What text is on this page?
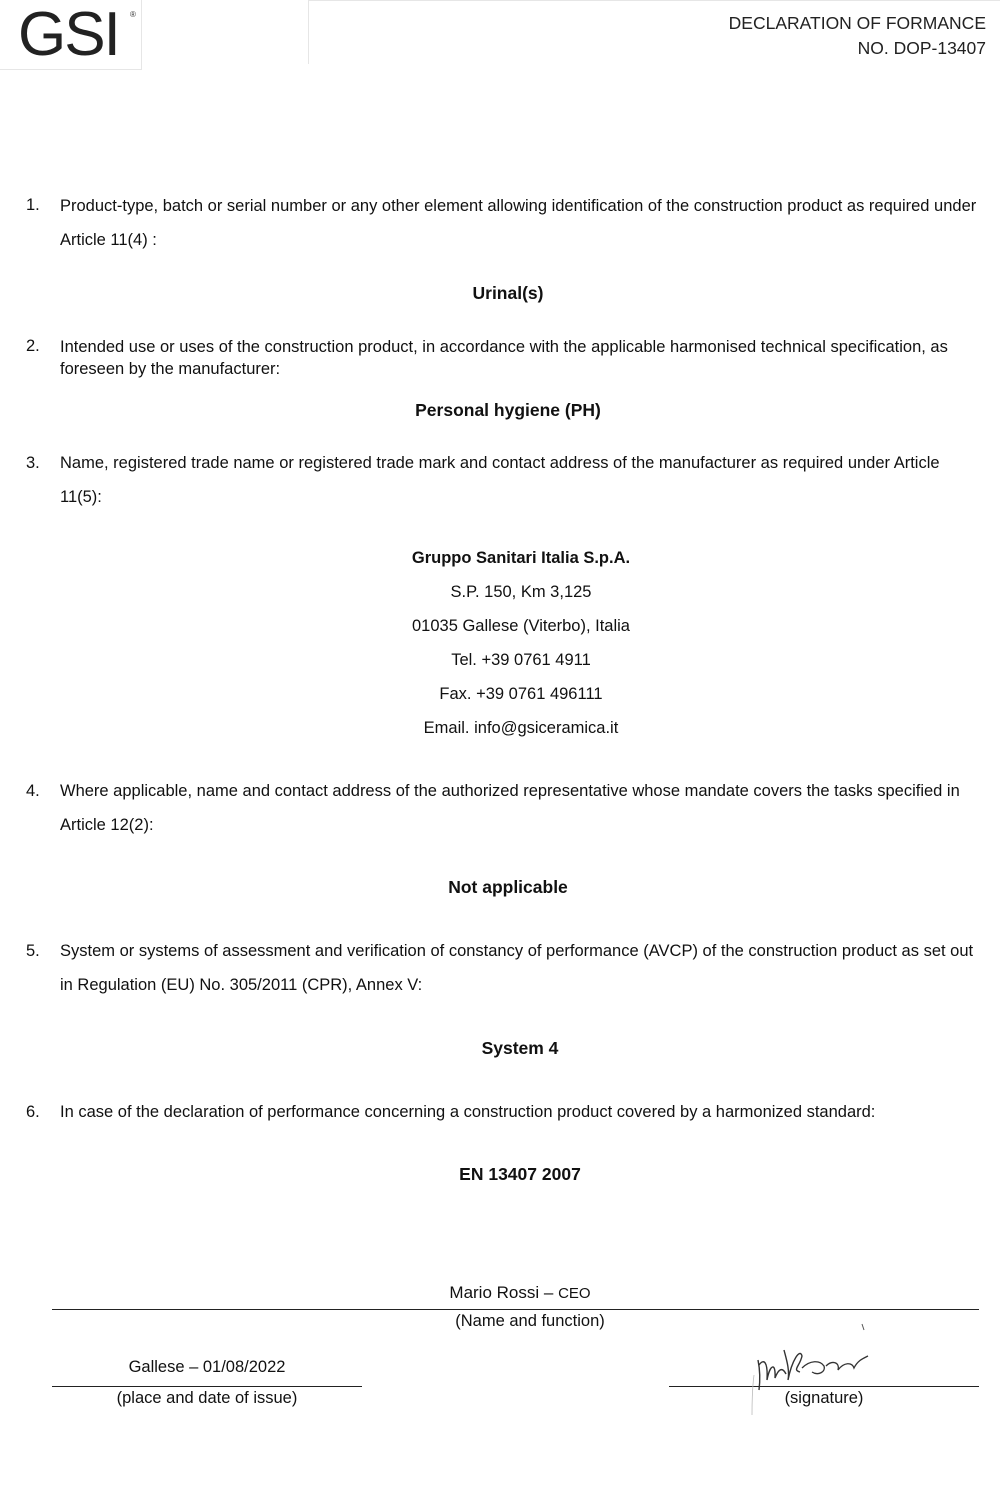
GSI ®	DECLARATION OF FORMANCE
NO. DOP-13407
1. Product-type, batch or serial number or any other element allowing identification of the construction product as required under Article 11(4) :
Urinal(s)
2. Intended use or uses of the construction product, in accordance with the applicable harmonised technical specification, as foreseen by the manufacturer:
Personal hygiene (PH)
3. Name, registered trade name or registered trade mark and contact address of the manufacturer as required under Article 11(5):
Gruppo Sanitari Italia S.p.A.
S.P. 150, Km 3,125
01035 Gallese (Viterbo), Italia
Tel. +39 0761 4911
Fax. +39 0761 496111
Email. info@gsiceramica.it
4. Where applicable, name and contact address of the authorized representative whose mandate covers the tasks specified in Article 12(2):
Not applicable
5. System or systems of assessment and verification of constancy of performance (AVCP) of the construction product as set out in Regulation (EU) No. 305/2011 (CPR), Annex V:
System 4
6. In case of the declaration of performance concerning a construction product covered by a harmonized standard:
EN 13407 2007
Mario Rossi – CEO
(Name and function)
Gallese – 01/08/2022
(place and date of issue)	(signature)
